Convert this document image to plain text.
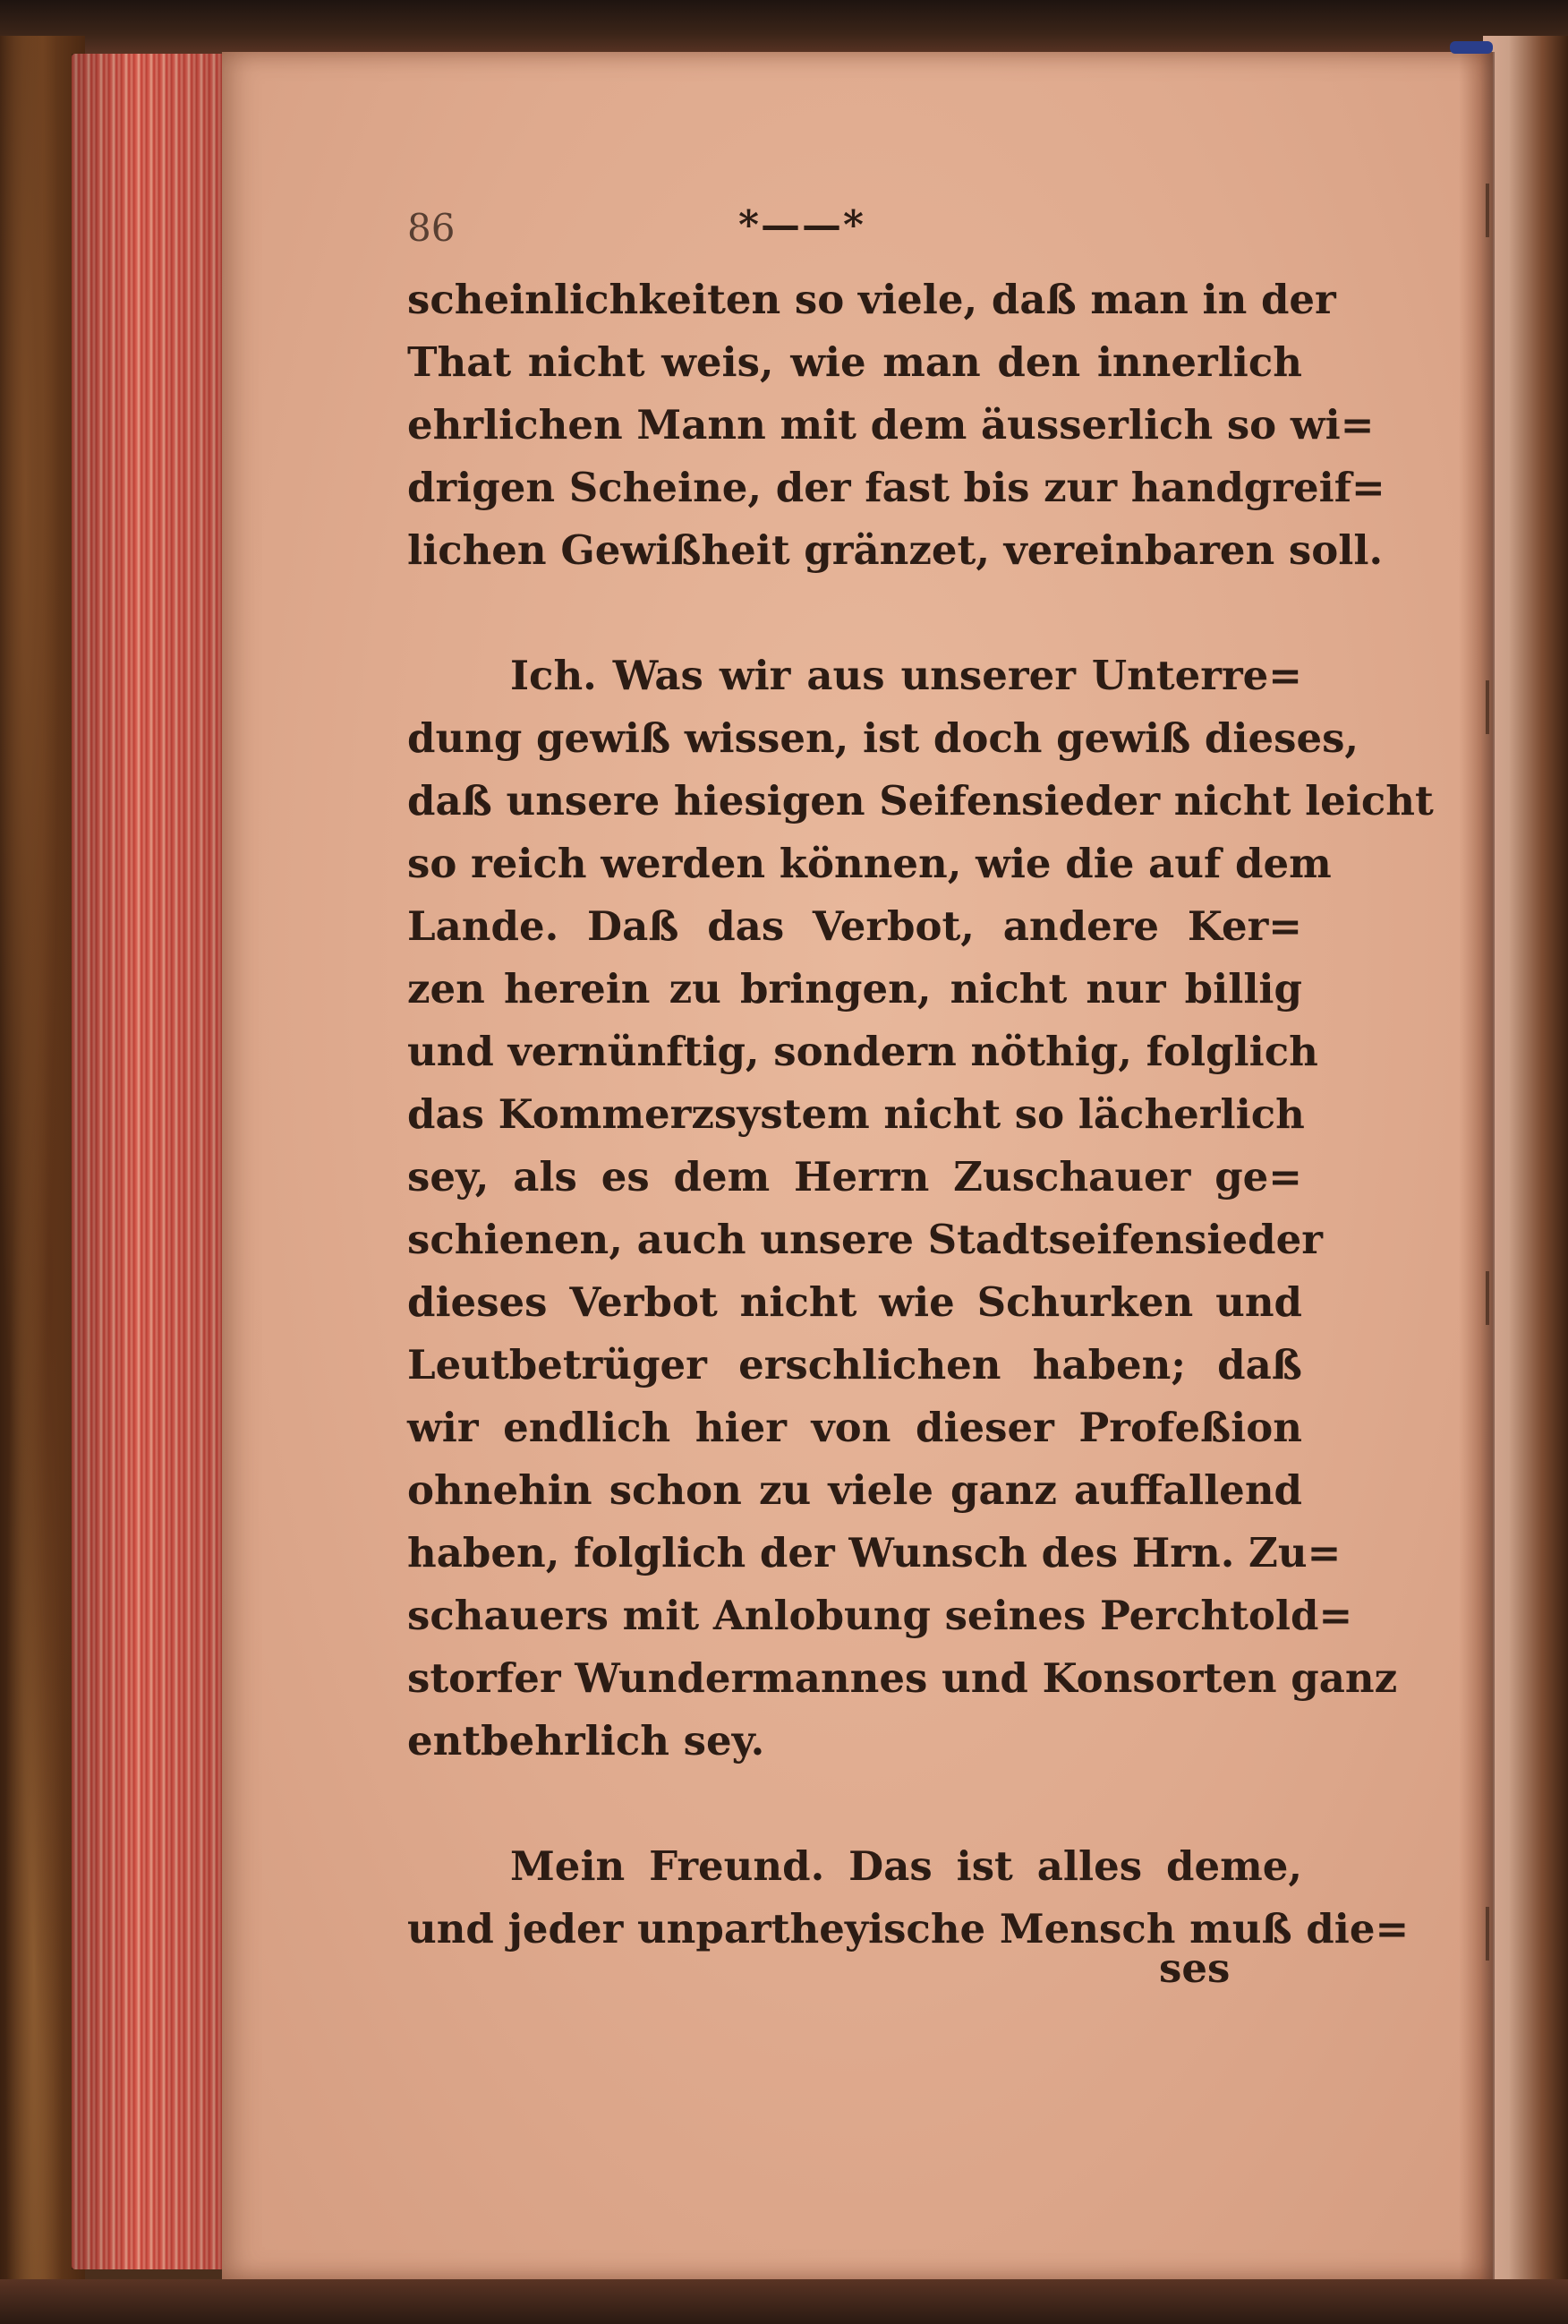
86	*——*
scheinlichkeiten so viele, daß man in der
That nicht weis, wie man den innerlich
ehrlichen Mann mit dem äusserlich so wi=
drigen Scheine, der fast bis zur handgreif=
lichen Gewißheit gränzet, vereinbaren soll.
Ich. Was wir aus unserer Unterre=
dung gewiß wissen, ist doch gewiß dieses,
daß unsere hiesigen Seifensieder nicht leicht
so reich werden können, wie die auf dem
Lande. Daß das Verbot, andere Ker=
zen herein zu bringen, nicht nur billig
und vernünftig, sondern nöthig, folglich
das Kommerzsystem nicht so lächerlich
sey, als es dem Herrn Zuschauer ge=
schienen, auch unsere Stadtseifensieder
dieses Verbot nicht wie Schurken und
Leutbetrüger erschlichen haben; daß
wir endlich hier von dieser Profeßion
ohnehin schon zu viele ganz auffallend
haben, folglich der Wunsch des Hrn. Zu=
schauers mit Anlobung seines Perchtold=
storfer Wundermannes und Konsorten ganz
entbehrlich sey.
Mein Freund. Das ist alles deme,
und jeder unpartheyische Mensch muß die=
ses
